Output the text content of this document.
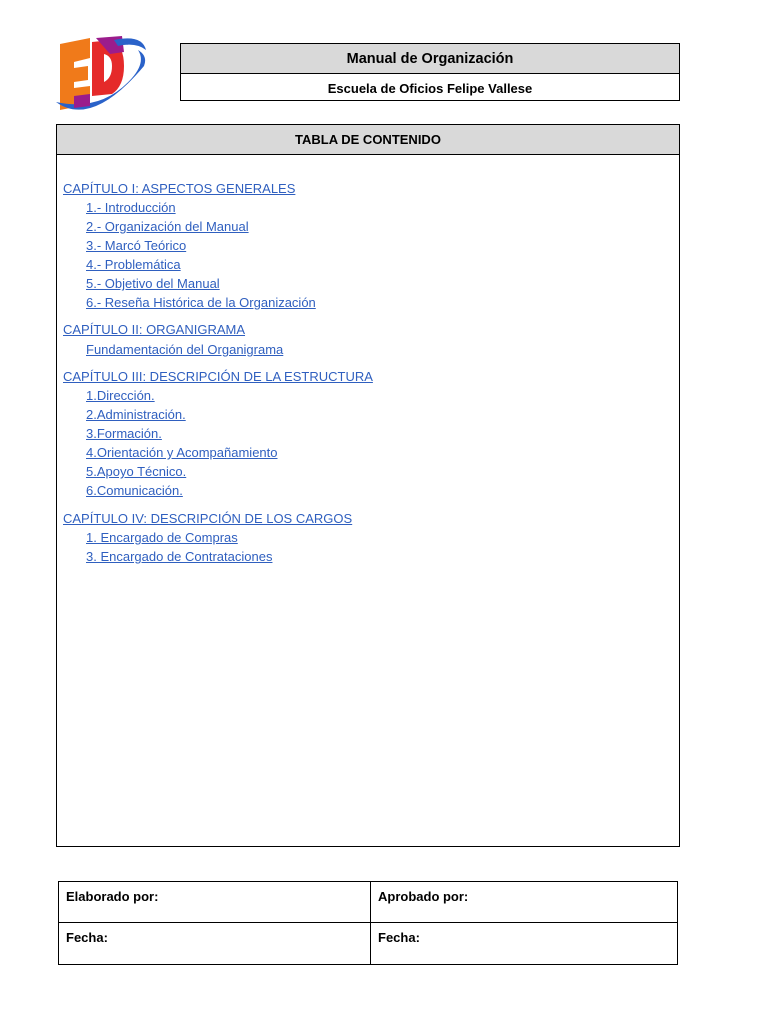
Manual de Organización
Escuela de Oficios Felipe Vallese
TABLA DE CONTENIDO
CAPÍTULO I: ASPECTOS GENERALES
1.- Introducción
2.- Organización del Manual
3.- Marcó Teórico
4.- Problemática
5.- Objetivo del Manual
6.- Reseña Histórica de la Organización
CAPÍTULO II: ORGANIGRAMA
Fundamentación del Organigrama
CAPÍTULO III: DESCRIPCIÓN DE LA ESTRUCTURA
1.Dirección.
2.Administración.
3.Formación.
4.Orientación y Acompañamiento
5.Apoyo Técnico.
6.Comunicación.
CAPÍTULO IV: DESCRIPCIÓN DE LOS CARGOS
1. Encargado de Compras
3. Encargado de Contrataciones
Elaborado por:	Aprobado por:
Fecha:	Fecha:
